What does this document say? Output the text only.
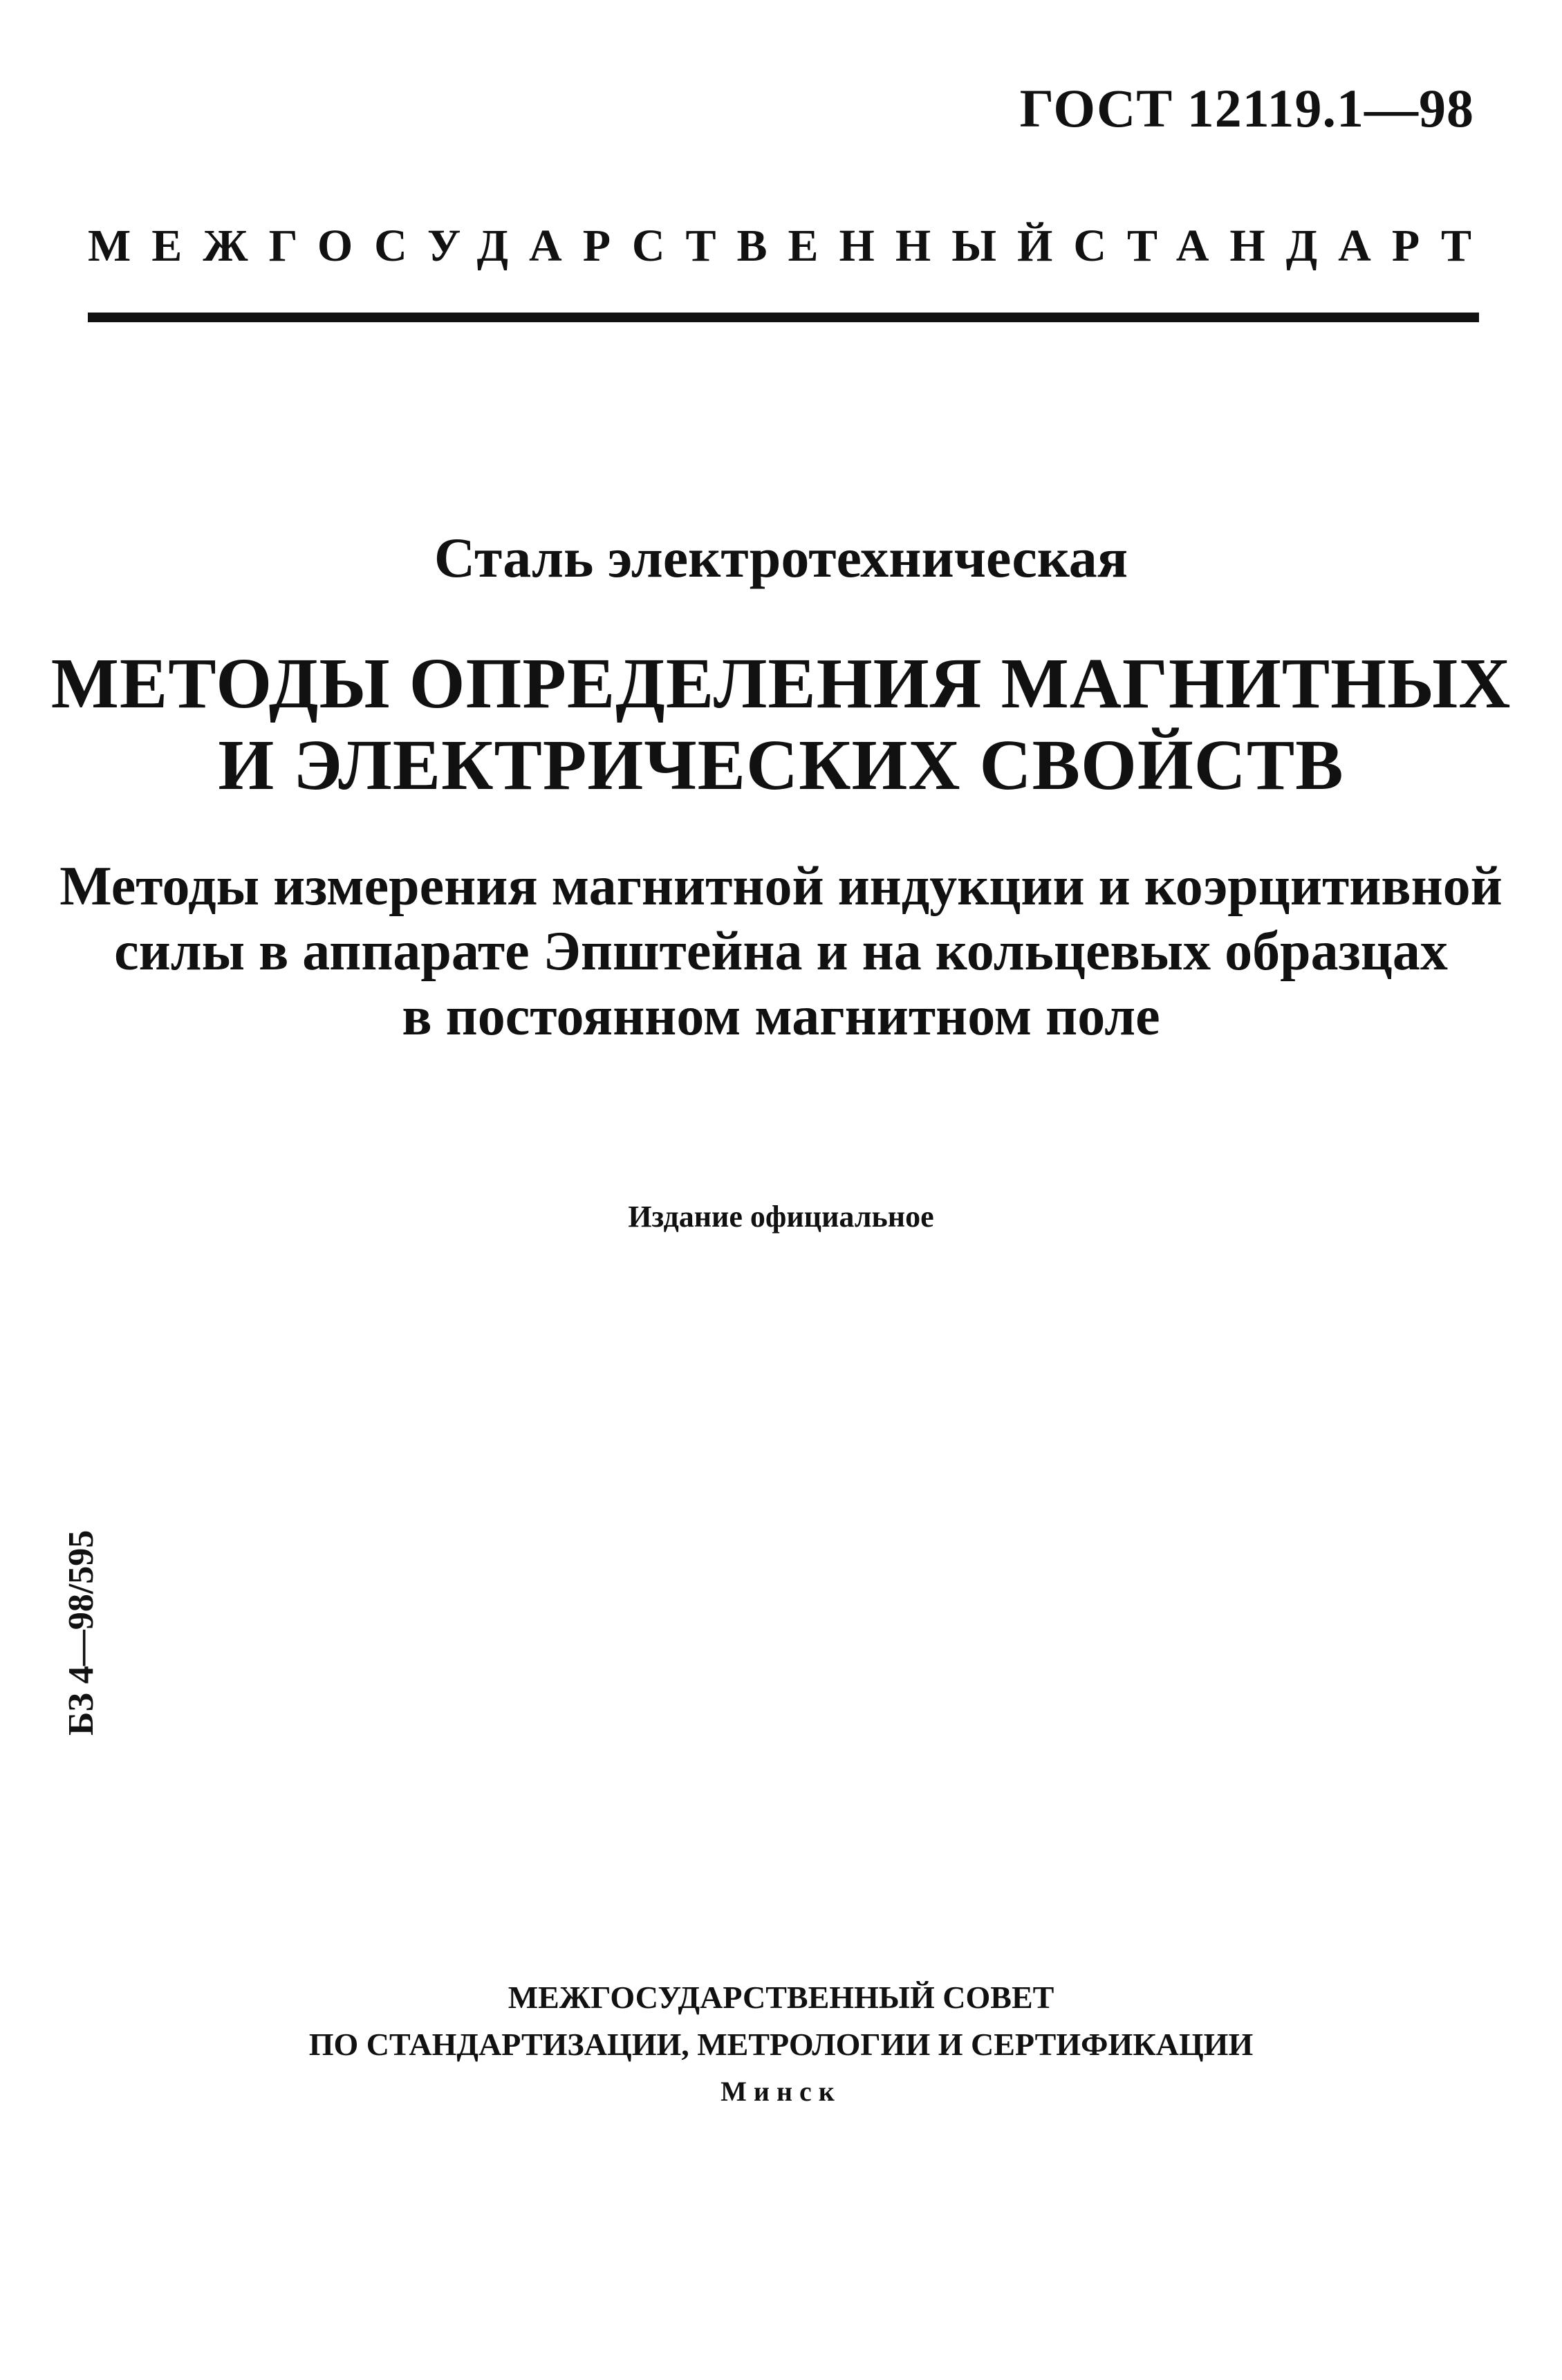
ГОСТ 12119.1—98
МЕЖГОСУДАРСТВЕННЫЙ СТАНДАРТ
Сталь электротехническая
МЕТОДЫ ОПРЕДЕЛЕНИЯ МАГНИТНЫХ
И ЭЛЕКТРИЧЕСКИХ СВОЙСТВ
Методы измерения магнитной индукции и коэрцитивной
силы в аппарате Эпштейна и на кольцевых образцах
в постоянном магнитном поле
Издание официальное
БЗ 4—98/595
МЕЖГОСУДАРСТВЕННЫЙ СОВЕТ
ПО СТАНДАРТИЗАЦИИ, МЕТРОЛОГИИ И СЕРТИФИКАЦИИ
Минск
